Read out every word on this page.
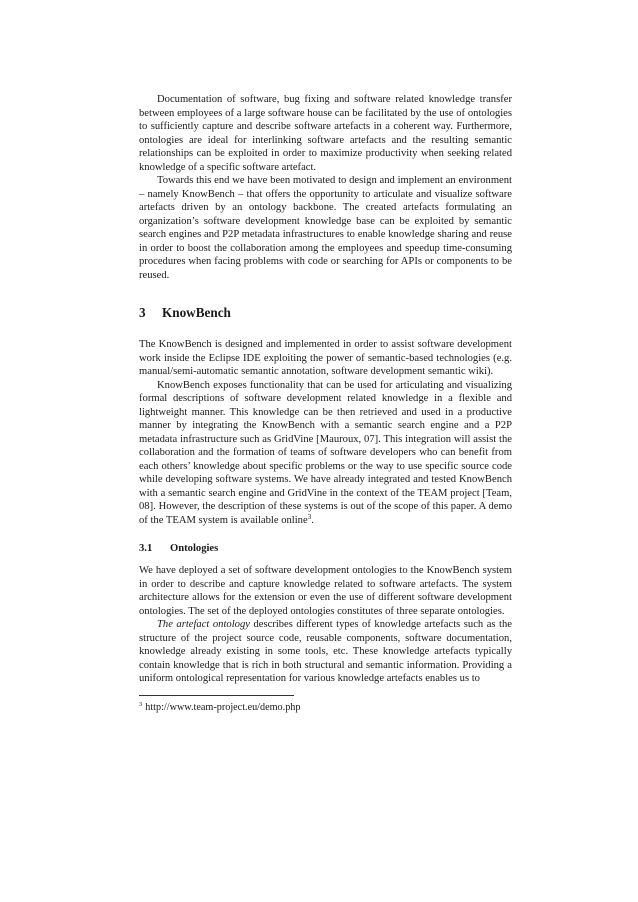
Documentation of software, bug fixing and software related knowledge transfer between employees of a large software house can be facilitated by the use of ontologies to sufficiently capture and describe software artefacts in a coherent way. Furthermore, ontologies are ideal for interlinking software artefacts and the resulting semantic relationships can be exploited in order to maximize productivity when seeking related knowledge of a specific software artefact.

Towards this end we have been motivated to design and implement an environment – namely KnowBench – that offers the opportunity to articulate and visualize software artefacts driven by an ontology backbone. The created artefacts formulating an organization’s software development knowledge base can be exploited by semantic search engines and P2P metadata infrastructures to enable knowledge sharing and reuse in order to boost the collaboration among the employees and speedup time-consuming procedures when facing problems with code or searching for APIs or components to be reused.

3 KnowBench

The KnowBench is designed and implemented in order to assist software development work inside the Eclipse IDE exploiting the power of semantic-based technologies (e.g. manual/semi-automatic semantic annotation, software development semantic wiki).

KnowBench exposes functionality that can be used for articulating and visualizing formal descriptions of software development related knowledge in a flexible and lightweight manner. This knowledge can be then retrieved and used in a productive manner by integrating the KnowBench with a semantic search engine and a P2P metadata infrastructure such as GridVine [Mauroux, 07]. This integration will assist the collaboration and the formation of teams of software developers who can benefit from each others’ knowledge about specific problems or the way to use specific source code while developing software systems. We have already integrated and tested KnowBench with a semantic search engine and GridVine in the context of the TEAM project [Team, 08]. However, the description of these systems is out of the scope of this paper. A demo of the TEAM system is available online$^3$.

3.1 Ontologies

We have deployed a set of software development ontologies to the KnowBench system in order to describe and capture knowledge related to software artefacts. The system architecture allows for the extension or even the use of different software development ontologies. The set of the deployed ontologies constitutes of three separate ontologies.

The artefact ontology describes different types of knowledge artefacts such as the structure of the project source code, reusable components, software documentation, knowledge already existing in some tools, etc. These knowledge artefacts typically contain knowledge that is rich in both structural and semantic information. Providing a uniform ontological representation for various knowledge artefacts enables us to

$^3$ http://www.team-project.eu/demo.php
